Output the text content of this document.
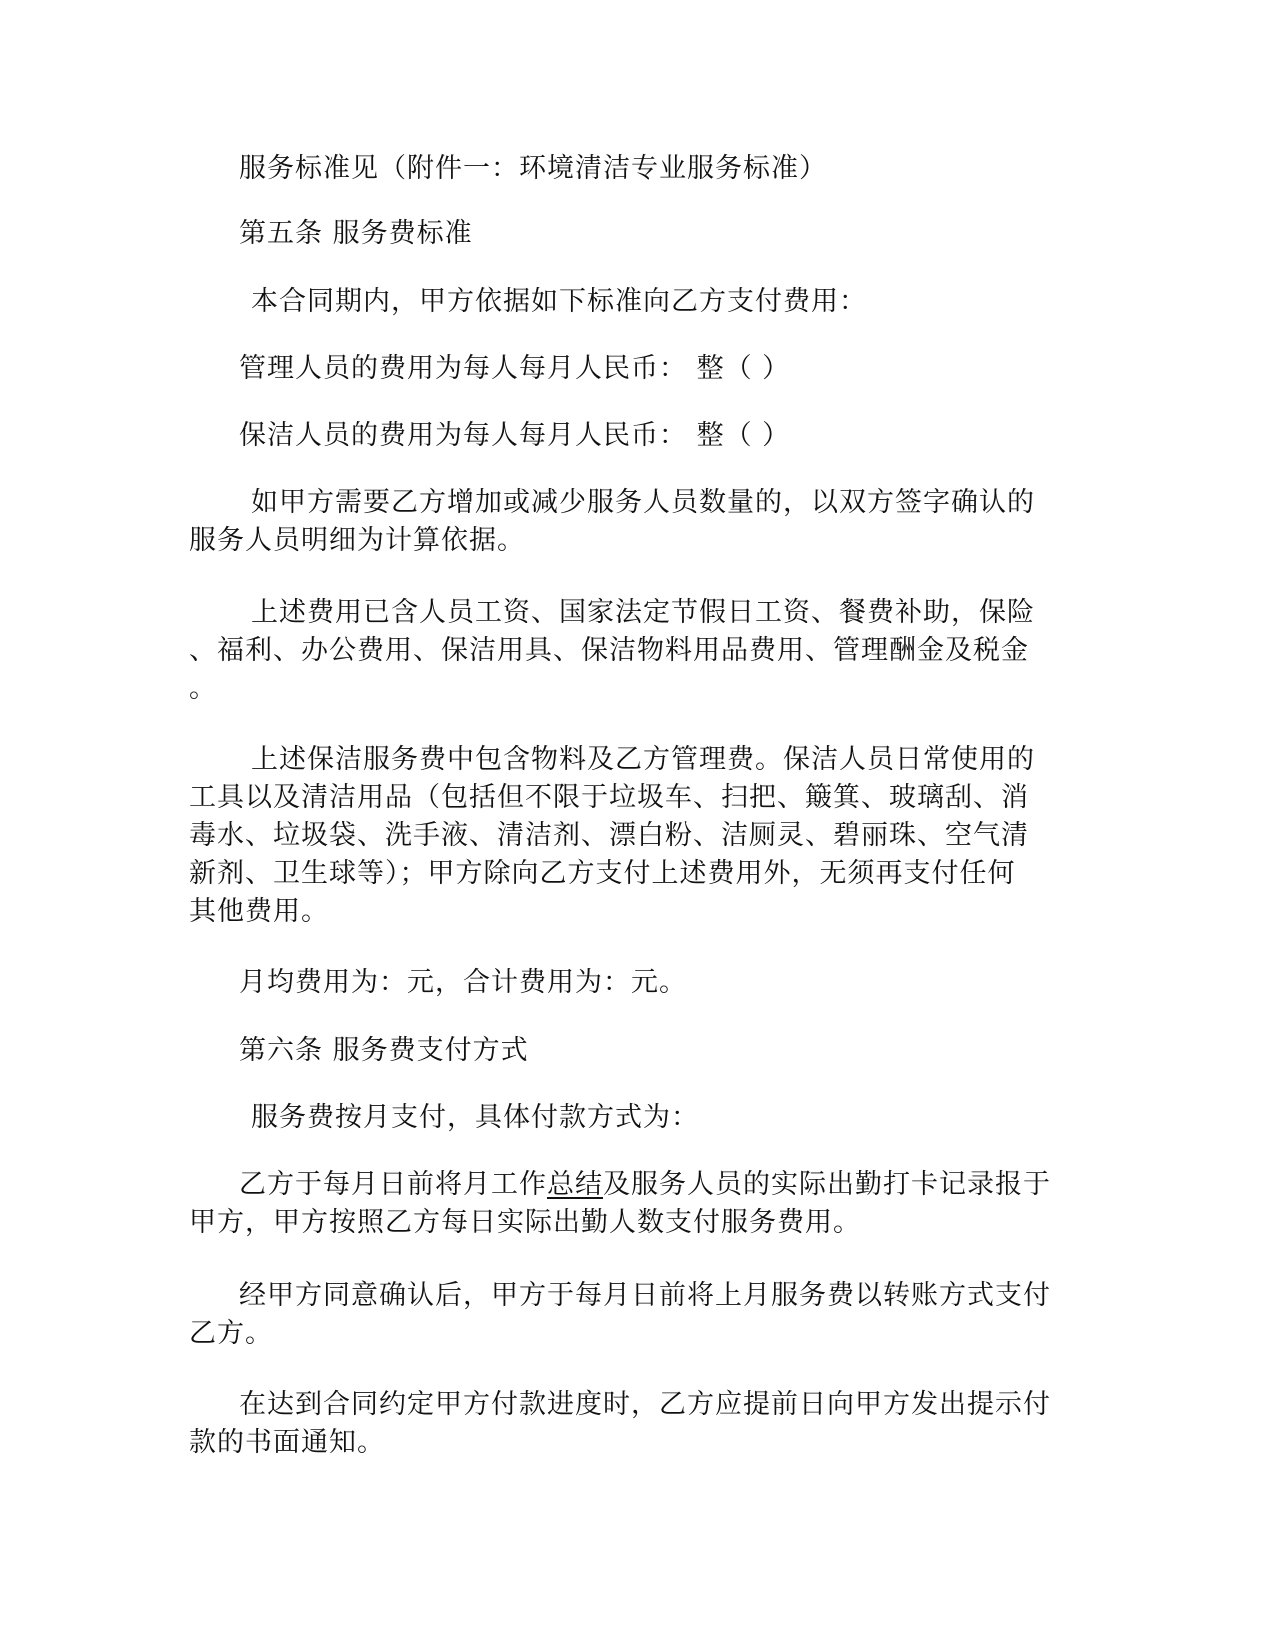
服务标准见（附件一：环境清洁专业服务标准）
第五条 服务费标准
本合同期内，甲方依据如下标准向乙方支付费用：
管理人员的费用为每人每月人民币： 整（ ）
保洁人员的费用为每人每月人民币： 整（ ）
如甲方需要乙方增加或减少服务人员数量的，以双方签字确认的
服务人员明细为计算依据。
上述费用已含人员工资、国家法定节假日工资、餐费补助，保险
、福利、办公费用、保洁用具、保洁物料用品费用、管理酬金及税金
。
上述保洁服务费中包含物料及乙方管理费。保洁人员日常使用的
工具以及清洁用品（包括但不限于垃圾车、扫把、簸箕、玻璃刮、消
毒水、垃圾袋、洗手液、清洁剂、漂白粉、洁厕灵、碧丽珠、空气清
新剂、卫生球等）；甲方除向乙方支付上述费用外，无须再支付任何
其他费用。
月均费用为：元，合计费用为：元。
第六条 服务费支付方式
服务费按月支付，具体付款方式为：
乙方于每月日前将月工作总结及服务人员的实际出勤打卡记录报于
甲方，甲方按照乙方每日实际出勤人数支付服务费用。
经甲方同意确认后，甲方于每月日前将上月服务费以转账方式支付
乙方。
在达到合同约定甲方付款进度时，乙方应提前日向甲方发出提示付
款的书面通知。
